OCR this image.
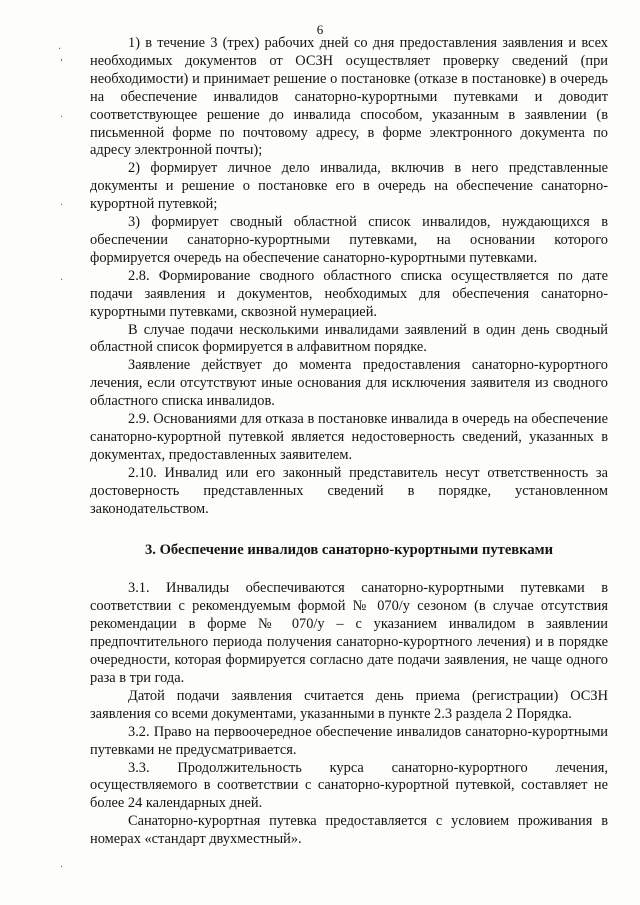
6

1) в течение 3 (трех) рабочих дней со дня предоставления заявления и всех необходимых документов от ОСЗН осуществляет проверку сведений (при необходимости) и принимает решение о постановке (отказе в постановке) в очередь на обеспечение инвалидов санаторно-курортными путевками и доводит соответствующее решение до инвалида способом, указанным в заявлении (в письменной форме по почтовому адресу, в форме электронного документа по адресу электронной почты);

2) формирует личное дело инвалида, включив в него представленные документы и решение о постановке его в очередь на обеспечение санаторно-курортной путевкой;

3) формирует сводный областной список инвалидов, нуждающихся в обеспечении санаторно-курортными путевками, на основании которого формируется очередь на обеспечение санаторно-курортными путевками.

2.8. Формирование сводного областного списка осуществляется по дате подачи заявления и документов, необходимых для обеспечения санаторно-курортными путевками, сквозной нумерацией.

В случае подачи несколькими инвалидами заявлений в один день сводный областной список формируется в алфавитном порядке.

Заявление действует до момента предоставления санаторно-курортного лечения, если отсутствуют иные основания для исключения заявителя из сводного областного списка инвалидов.

2.9. Основаниями для отказа в постановке инвалида в очередь на обеспечение санаторно-курортной путевкой является недостоверность сведений, указанных в документах, предоставленных заявителем.

2.10. Инвалид или его законный представитель несут ответственность за достоверность представленных сведений в порядке, установленном законодательством.

3. Обеспечение инвалидов санаторно-курортными путевками

3.1. Инвалиды обеспечиваются санаторно-курортными путевками в соответствии с рекомендуемым формой № 070/у сезоном (в случае отсутствия рекомендации в форме № 070/у – с указанием инвалидом в заявлении предпочтительного периода получения санаторно-курортного лечения) и в порядке очередности, которая формируется согласно дате подачи заявления, не чаще одного раза в три года.

Датой подачи заявления считается день приема (регистрации) ОСЗН заявления со всеми документами, указанными в пункте 2.3 раздела 2 Порядка.

3.2. Право на первоочередное обеспечение инвалидов санаторно-курортными путевками не предусматривается.

3.3. Продолжительность курса санаторно-курортного лечения, осуществляемого в соответствии с санаторно-курортной путевкой, составляет не более 24 календарных дней.

Санаторно-курортная путевка предоставляется с условием проживания в номерах «стандарт двухместный».

·
ʻ
·
·
·
·
